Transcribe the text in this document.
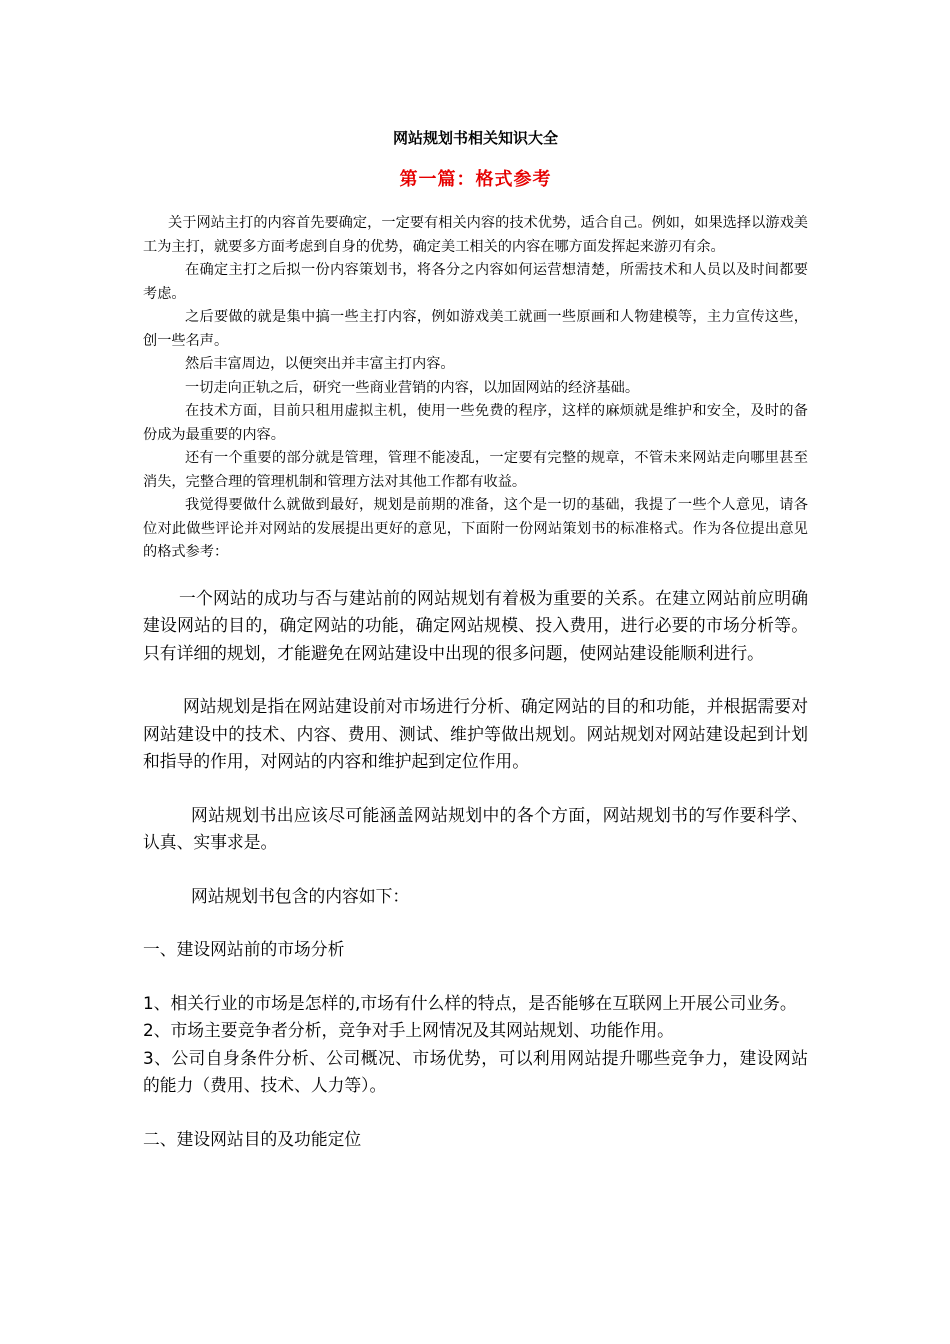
网站规划书相关知识大全
第一篇：格式参考

关于网站主打的内容首先要确定，一定要有相关内容的技术优势，适合自己。例如，如果选择以游戏美工为主打，就要多方面考虑到自身的优势，确定美工相关的内容在哪方面发挥起来游刃有余。

在确定主打之后拟一份内容策划书，将各分之内容如何运营想清楚，所需技术和人员以及时间都要考虑。

之后要做的就是集中搞一些主打内容，例如游戏美工就画一些原画和人物建模等，主力宣传这些，创一些名声。

然后丰富周边，以便突出并丰富主打内容。

一切走向正轨之后，研究一些商业营销的内容，以加固网站的经济基础。

在技术方面，目前只租用虚拟主机，使用一些免费的程序，这样的麻烦就是维护和安全，及时的备份成为最重要的内容。

还有一个重要的部分就是管理，管理不能凌乱，一定要有完整的规章，不管未来网站走向哪里甚至消失，完整合理的管理机制和管理方法对其他工作都有收益。

我觉得要做什么就做到最好，规划是前期的准备，这个是一切的基础，我提了一些个人意见，请各位对此做些评论并对网站的发展提出更好的意见，下面附一份网站策划书的标准格式。作为各位提出意见的格式参考：

一个网站的成功与否与建站前的网站规划有着极为重要的关系。在建立网站前应明确建设网站的目的，确定网站的功能，确定网站规模、投入费用，进行必要的市场分析等。只有详细的规划，才能避免在网站建设中出现的很多问题，使网站建设能顺利进行。

网站规划是指在网站建设前对市场进行分析、确定网站的目的和功能，并根据需要对网站建设中的技术、内容、费用、测试、维护等做出规划。网站规划对网站建设起到计划和指导的作用，对网站的内容和维护起到定位作用。

网站规划书出应该尽可能涵盖网站规划中的各个方面，网站规划书的写作要科学、认真、实事求是。

网站规划书包含的内容如下：

一、建设网站前的市场分析

1、相关行业的市场是怎样的,市场有什么样的特点，是否能够在互联网上开展公司业务。

2、市场主要竞争者分析，竞争对手上网情况及其网站规划、功能作用。

3、公司自身条件分析、公司概况、市场优势，可以利用网站提升哪些竞争力，建设网站的能力（费用、技术、人力等）。

二、建设网站目的及功能定位
